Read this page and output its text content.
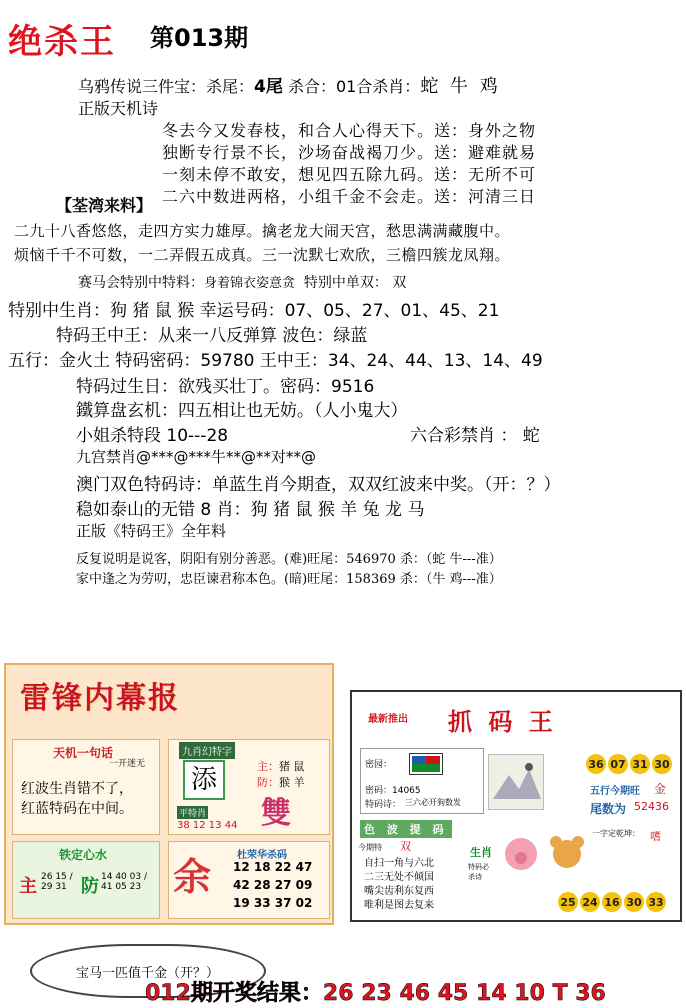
绝杀王 第013期
乌鸦传说三件宝：杀尾：4尾 杀合：01合杀肖：蛇 牛 鸡
正版天机诗
冬去今又发春枝，和合人心得天下。送：身外之物
独断专行景不长，沙场奋战褐刀少。送：避难就易
一刻未停不敢安，想见四五除九码。送：无所不可
二六中数进两格，小组千金不会走。送：河清三日
【荃湾来料】
二九十八香悠悠，走四方实力雄厚。擒老龙大闹天宫，愁思满满藏腹中。
烦恼千千不可数，一二弄假五成真。三一沈默七欢欣，三檐四簇龙凤翔。
赛马会特别中特料：身着锦衣姿意贪 特别中单双： 双
特别中生肖：狗 猪 鼠 猴 幸运号码：07、05、27、01、45、21
特码王中王：从来一八反弹算 波色：绿蓝
五行：金火土 特码密码：59780 王中王：34、24、44、13、14、49
特码过生日：欲残买壮丁。密码：9516
鐵算盘玄机：四五相让也无妨。（人小鬼大）
小姐杀特段 10---28	六合彩禁肖 ： 蛇
九宫禁肖@***@***牛**@**对**@
澳门双色特码诗：单蓝生肖今期查，双双红波来中奖。（开：？）
稳如泰山的无错 8 肖：狗 猪 鼠 猴 羊 兔 龙 马
正版《特码王》全年料
反复说明是说客，阴阳有别分善恶。(难)旺尾：546970 杀：（蛇 牛---准）
家中逢之为劳叨，忠臣谏君称本色。(暗)旺尾：158369 杀：（牛 鸡---准）
雷锋内幕报
天机一句话
一开迷无
红波生肖错不了，
红蓝特码在中间。
九肖幻特字
添
平特肖
38 12 13 44
主：猪 鼠
防：猴 羊
雙
铁定心水
主 26 15 / 29 31 防 14 40 03 / 41 05 23 余	杜荣华杀码
12 18 22 47
42 28 27 09
19 33 37 02
最新推出 抓 码 王
密园：
密码：14065
特码诗： 三六必开狗数发
色 波 提 码
今期特 双
自扫一角与六北
二三无处不倾国
嘴尖齿利东复西
唯利是图去复来
生肖
特码必杀诗
36 07 31 30
五行今期旺 金
尾数为 52436
一字定乾坤： 嗜
25 24 16 30 33
宝马一匹值千金（开？）
012期开奖结果：26 23 46 45 14 10 T 36
